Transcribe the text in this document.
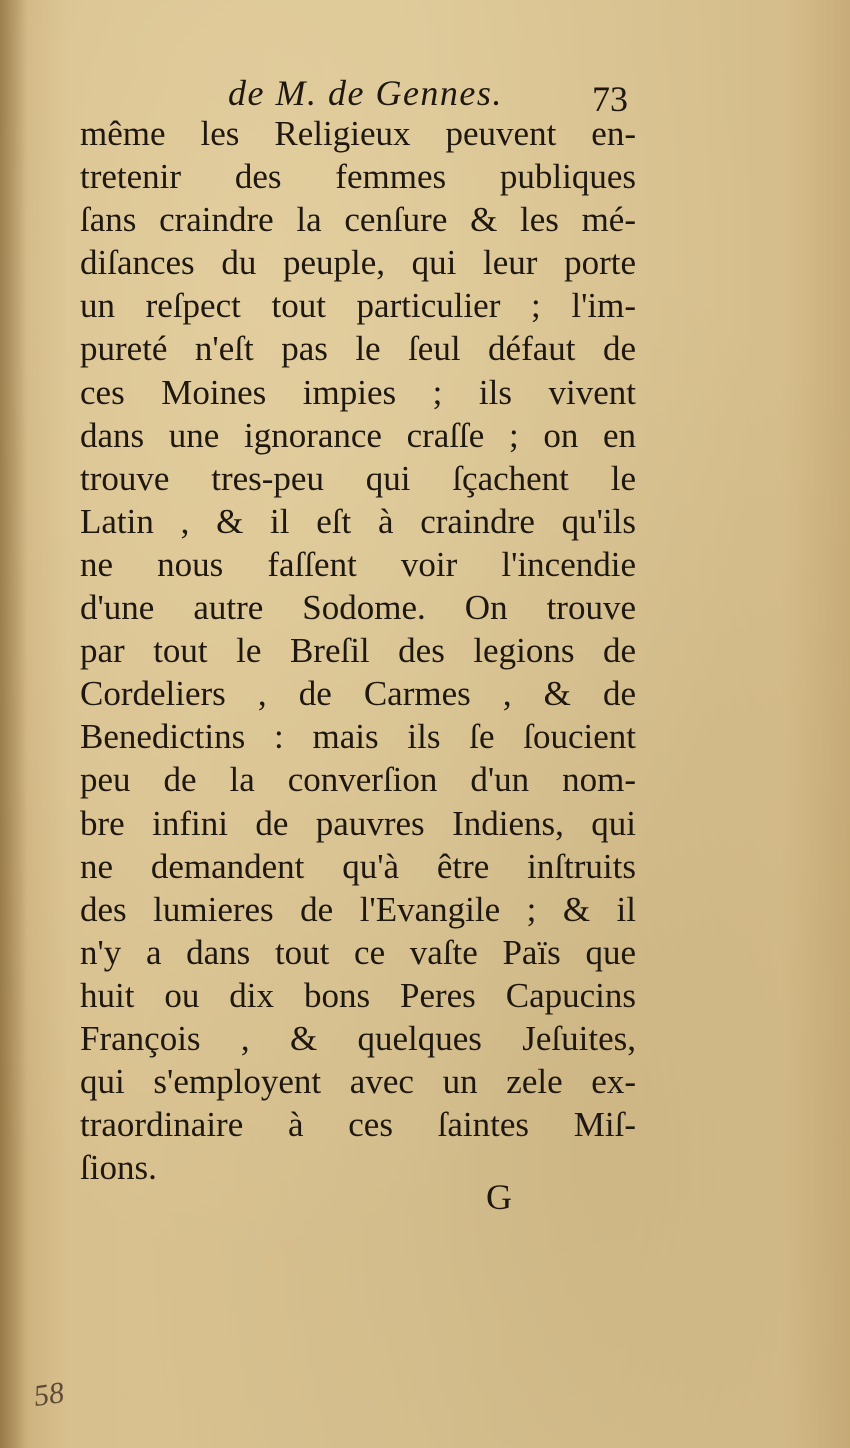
de M. de Gennes. 73
même les Religieux peuvent en-
tretenir des femmes publiques
ſans craindre la cenſure & les mé-
diſances du peuple, qui leur porte
un reſpect tout particulier ; l'im-
pureté n'eſt pas le ſeul défaut de
ces Moines impies ; ils vivent
dans une ignorance craſſe ; on en
trouve tres-peu qui ſçachent le
Latin , & il eſt à craindre qu'ils
ne nous faſſent voir l'incendie
d'une autre Sodome. On trouve
par tout le Breſil des legions de
Cordeliers , de Carmes , & de
Benedictins : mais ils ſe ſoucient
peu de la converſion d'un nom-
bre infini de pauvres Indiens, qui
ne demandent qu'à être inſtruits
des lumieres de l'Evangile ; & il
n'y a dans tout ce vaſte Païs que
huit ou dix bons Peres Capucins
François , & quelques Jeſuites,
qui s'employent avec un zele ex-
traordinaire à ces ſaintes Miſ-
ſions.
G
58
